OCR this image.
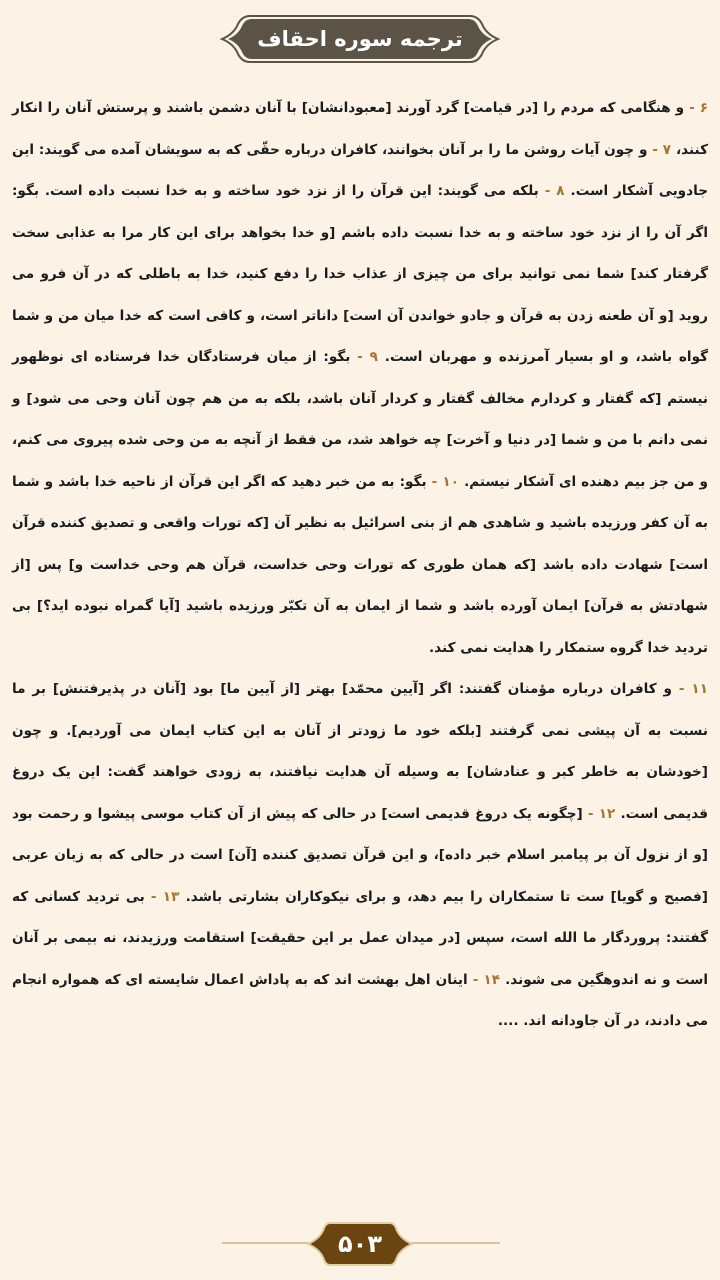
ترجمه سوره احقاف
۶ - و هنگامی که مردم را [در قیامت] گرد آورند [معبودانشان] با آنان دشمن باشند و پرستش آنان را انکار کنند، ۷ - و چون آیات روشن ما را بر آنان بخوانند، کافران درباره حقّی که به سویشان آمده می گویند: این جادویی آشکار است. ۸ - بلکه می گویند: این قرآن را از نزد خود ساخته و به خدا نسبت داده است. بگو: اگر آن را از نزد خود ساخته و به خدا نسبت داده باشم [و خدا بخواهد برای این کار مرا به عذابی سخت گرفتار کند] شما نمی توانید برای من چیزی از عذاب خدا را دفع کنید، خدا به باطلی که در آن فرو می روید [و آن طعنه زدن به قرآن و جادو خواندن آن است] داناتر است، و کافی است که خدا میان من و شما گواه باشد، و او بسیار آمرزنده و مهربان است. ۹ - بگو: از میان فرستادگان خدا فرستاده ای نوظهور نیستم [که گفتار و کردارم مخالف گفتار و کردار آنان باشد، بلکه به من هم چون آنان وحی می شود] و نمی دانم با من و شما [در دنیا و آخرت] چه خواهد شد، من فقط از آنچه به من وحی شده پیروی می کنم، و من جز بیم دهنده ای آشکار نیستم. ۱۰ - بگو: به من خبر دهید که اگر این قرآن از ناحیه خدا باشد و شما به آن کفر ورزیده باشید و شاهدی هم از بنی اسرائیل به نظیر آن [که تورات واقعی و تصدیق کننده قرآن است] شهادت داده باشد [که همان طوری که تورات وحی خداست، قرآن هم وحی خداست و] پس [از شهادتش به قرآن] ایمان آورده باشد و شما از ایمان به آن تکبّر ورزیده باشید [آیا گمراه نبوده اید؟] بی تردید خدا گروه ستمکار را هدایت نمی کند.
۱۱ - و کافران درباره مؤمنان گفتند: اگر [آیین محمّد] بهتر [از آیین ما] بود [آنان در پذیرفتنش] بر ما نسبت به آن پیشی نمی گرفتند [بلکه خود ما زودتر از آنان به این کتاب ایمان می آوردیم]. و چون [خودشان به خاطر کبر و عنادشان] به وسیله آن هدایت نیافتند، به زودی خواهند گفت: این یک دروغ قدیمی است. ۱۲ - [چگونه یک دروغ قدیمی است] در حالی که پیش از آن کتاب موسی پیشوا و رحمت بود [و از نزول آن بر پیامبر اسلام خبر داده]، و این قرآن تصدیق کننده [آن] است در حالی که به زبان عربی [فصیح و گویا] ست تا ستمکاران را بیم دهد، و برای نیکوکاران بشارتی باشد. ۱۳ - بی تردید کسانی که گفتند: پروردگار ما الله است، سپس [در میدان عمل بر این حقیقت] استقامت ورزیدند، نه بیمی بر آنان است و نه اندوهگین می شوند. ۱۴ - اینان اهل بهشت اند که به پاداش اعمال شایسته ای که همواره انجام می دادند، در آن جاودانه اند. ....
۵۰۳
